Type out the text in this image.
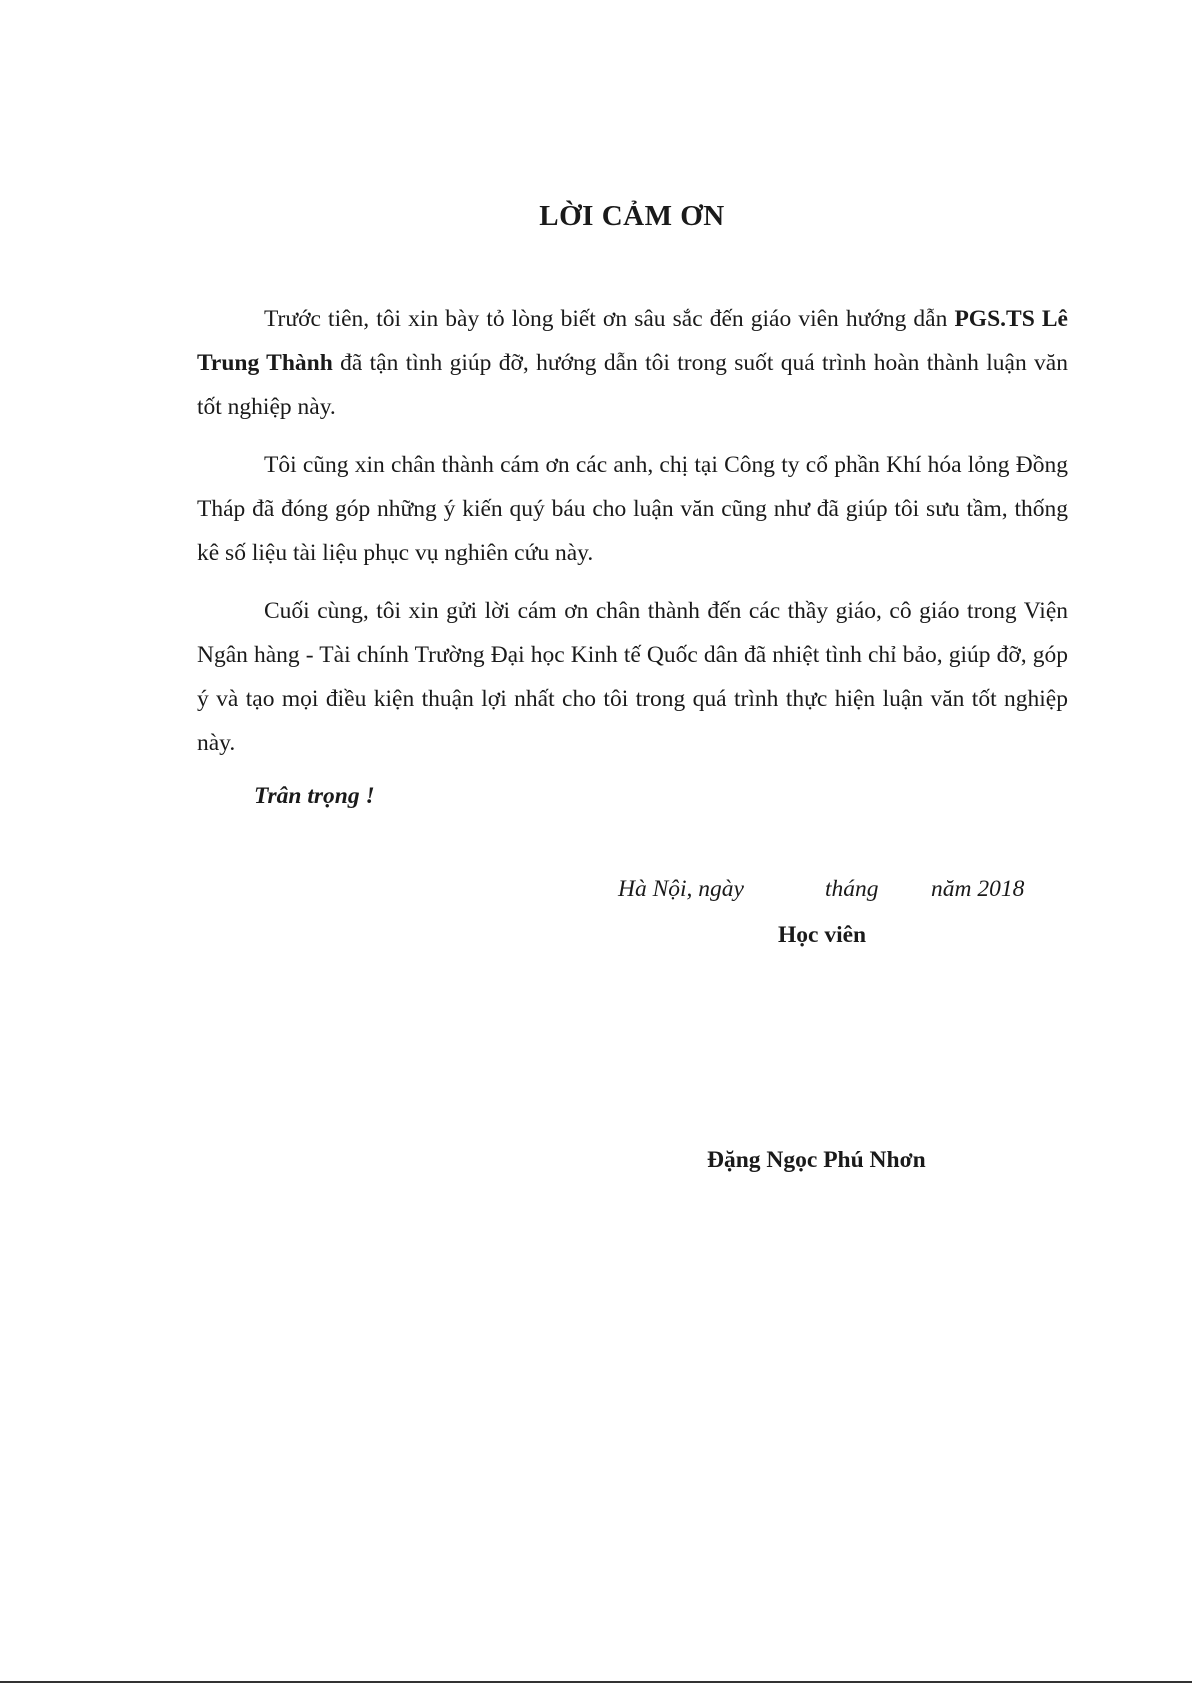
LỜI CẢM ƠN

Trước tiên, tôi xin bày tỏ lòng biết ơn sâu sắc đến giáo viên hướng dẫn PGS.TS Lê Trung Thành đã tận tình giúp đỡ, hướng dẫn tôi trong suốt quá trình hoàn thành luận văn tốt nghiệp này.

Tôi cũng xin chân thành cám ơn các anh, chị tại Công ty cổ phần Khí hóa lỏng Đồng Tháp đã đóng góp những ý kiến quý báu cho luận văn cũng như đã giúp tôi sưu tầm, thống kê số liệu tài liệu phục vụ nghiên cứu này.

Cuối cùng, tôi xin gửi lời cám ơn chân thành đến các thầy giáo, cô giáo trong Viện Ngân hàng - Tài chính Trường Đại học Kinh tế Quốc dân đã nhiệt tình chỉ bảo, giúp đỡ, góp ý và tạo mọi điều kiện thuận lợi nhất cho tôi trong quá trình thực hiện luận văn tốt nghiệp này.

Trân trọng !

Hà Nội, ngày	tháng năm 2018

Học viên

Đặng Ngọc Phú Nhơn
